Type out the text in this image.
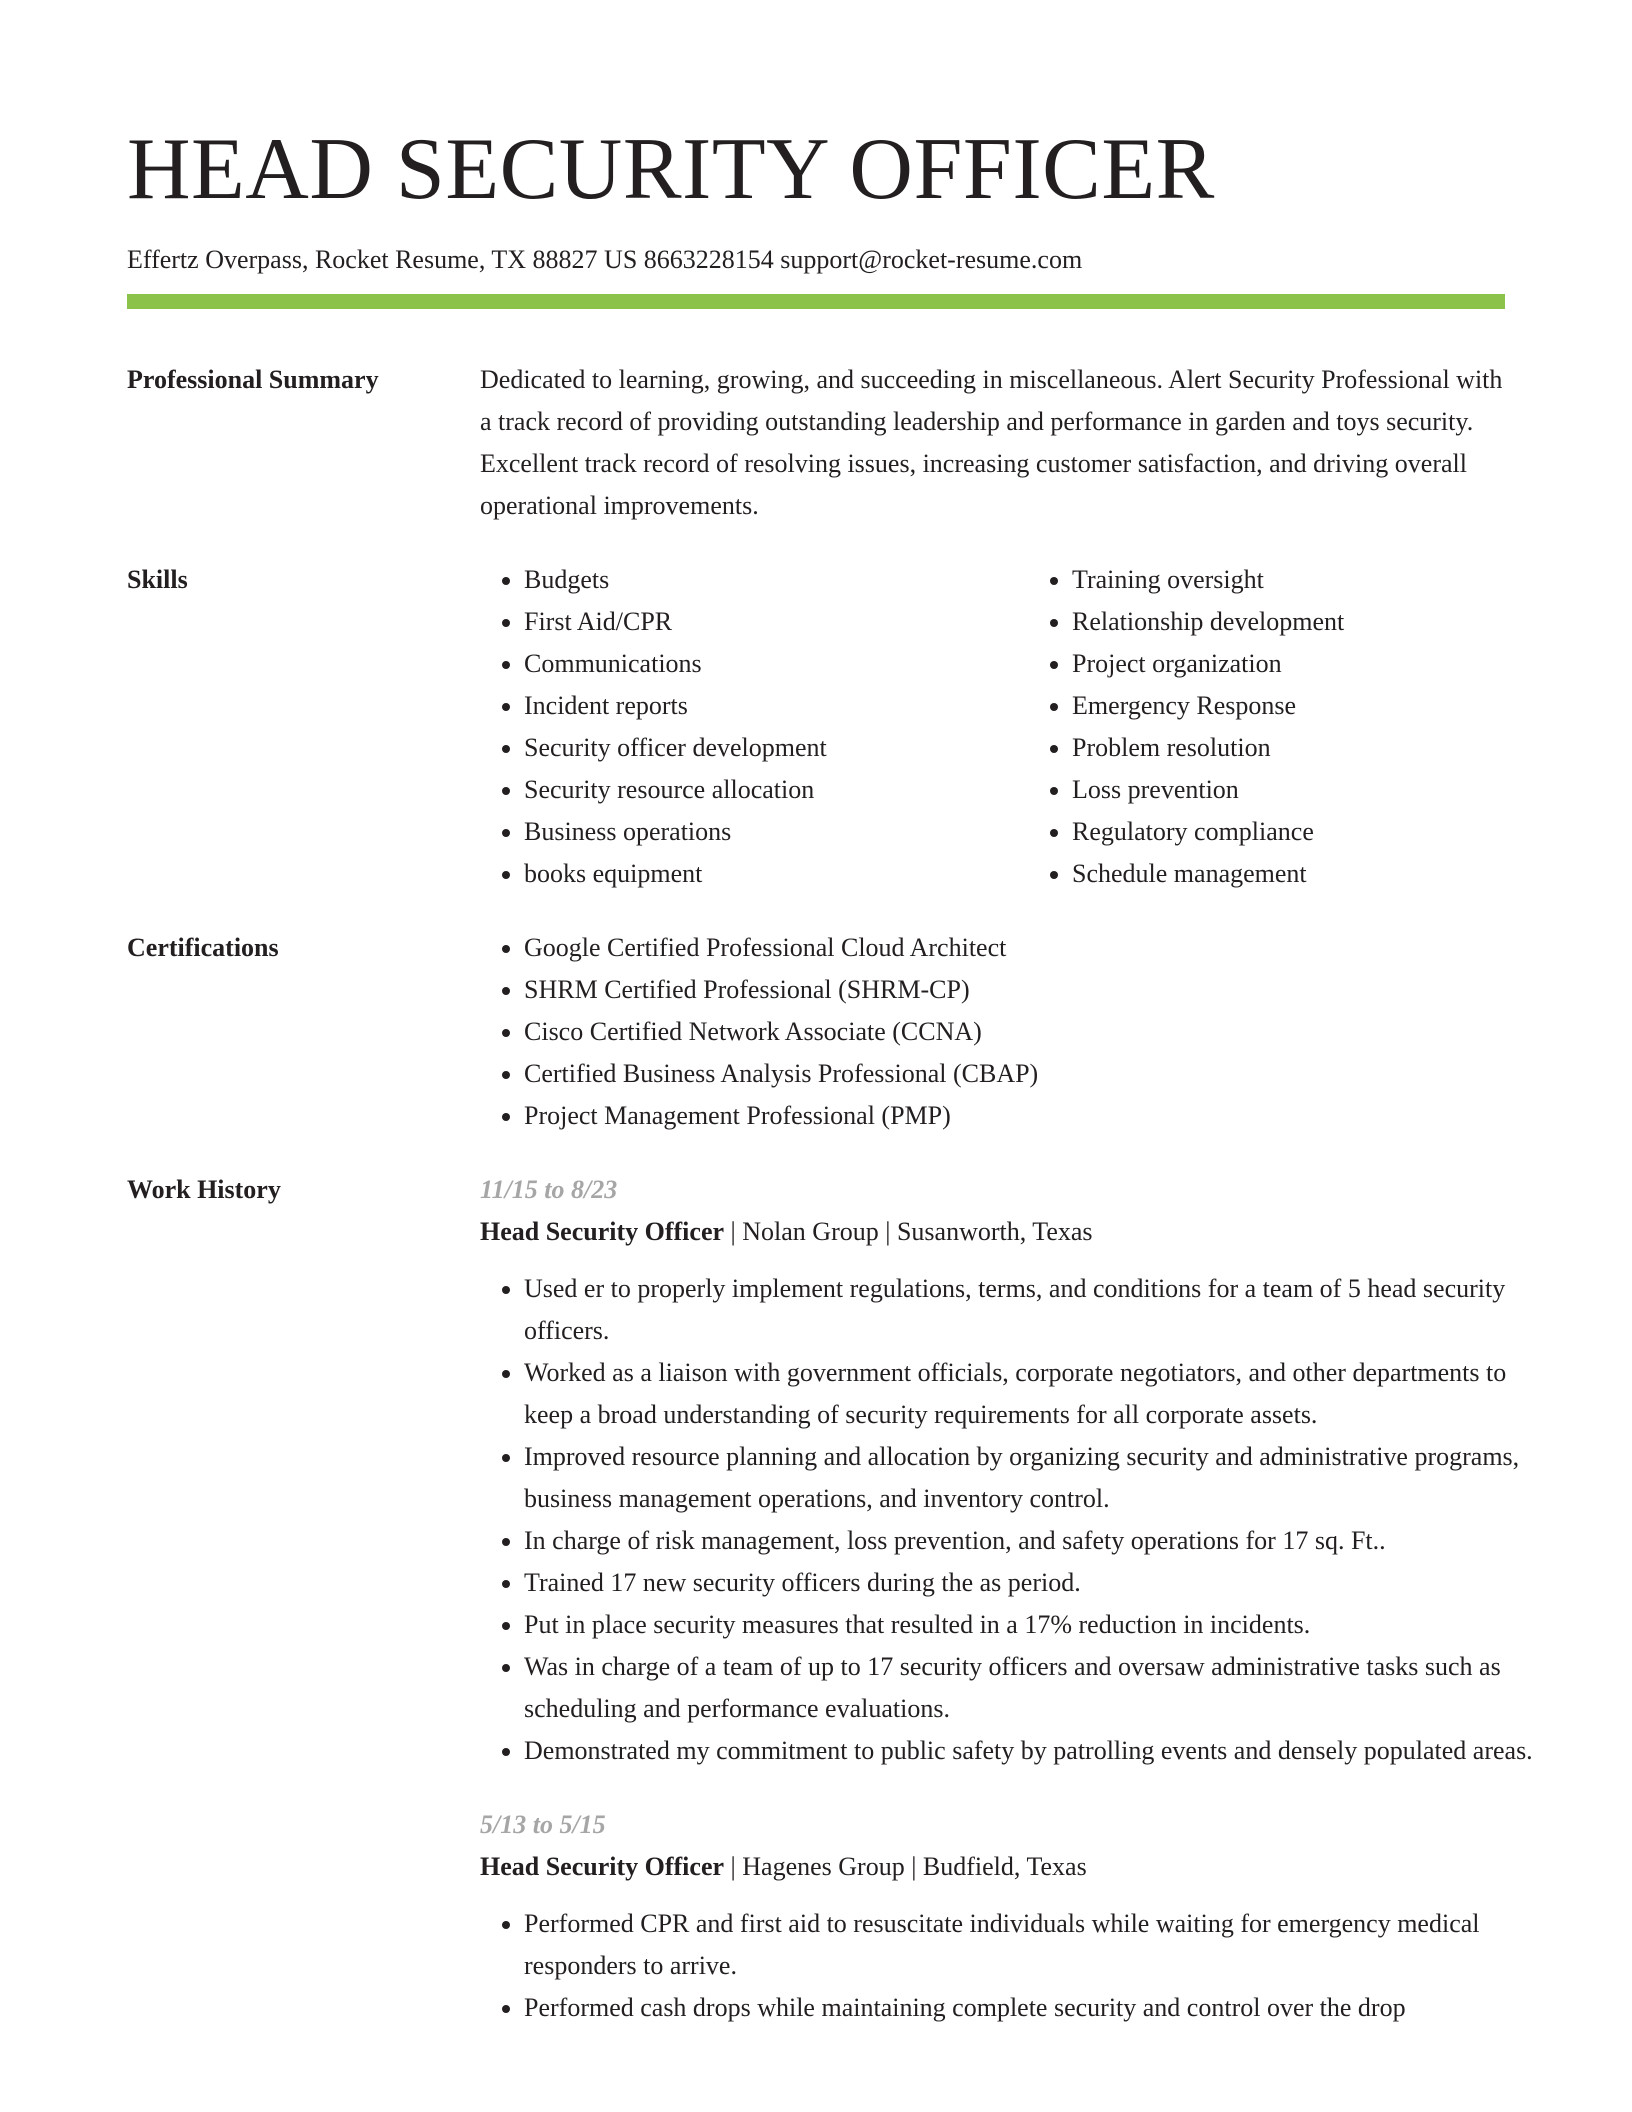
HEAD SECURITY OFFICER
Effertz Overpass, Rocket Resume, TX 88827 US 8663228154 support@rocket-resume.com
Professional Summary	Dedicated to learning, growing, and succeeding in miscellaneous. Alert Security Professional with a track record of providing outstanding leadership and performance in garden and toys security. Excellent track record of resolving issues, increasing customer satisfaction, and driving overall operational improvements.

Skills	• Budgets
• First Aid/CPR
• Communications
• Incident reports
• Security officer development
• Security resource allocation
• Business operations
• books equipment
• Training oversight
• Relationship development
• Project organization
• Emergency Response
• Problem resolution
• Loss prevention
• Regulatory compliance
• Schedule management
Certifications	• Google Certified Professional Cloud Architect
• SHRM Certified Professional (SHRM-CP)
• Cisco Certified Network Associate (CCNA)
• Certified Business Analysis Professional (CBAP)
• Project Management Professional (PMP)
Work History	11/15 to 8/23
Head Security Officer | Nolan Group | Susanworth, Texas
• Used er to properly implement regulations, terms, and conditions for a team of 5 head security officers.
• Worked as a liaison with government officials, corporate negotiators, and other departments to keep a broad understanding of security requirements for all corporate assets.
• Improved resource planning and allocation by organizing security and administrative programs, business management operations, and inventory control.
• In charge of risk management, loss prevention, and safety operations for 17 sq. Ft..
• Trained 17 new security officers during the as period.
• Put in place security measures that resulted in a 17% reduction in incidents.
• Was in charge of a team of up to 17 security officers and oversaw administrative tasks such as scheduling and performance evaluations.
• Demonstrated my commitment to public safety by patrolling events and densely populated areas.
5/13 to 5/15
Head Security Officer | Hagenes Group | Budfield, Texas
• Performed CPR and first aid to resuscitate individuals while waiting for emergency medical responders to arrive.
• Performed cash drops while maintaining complete security and control over the drop
